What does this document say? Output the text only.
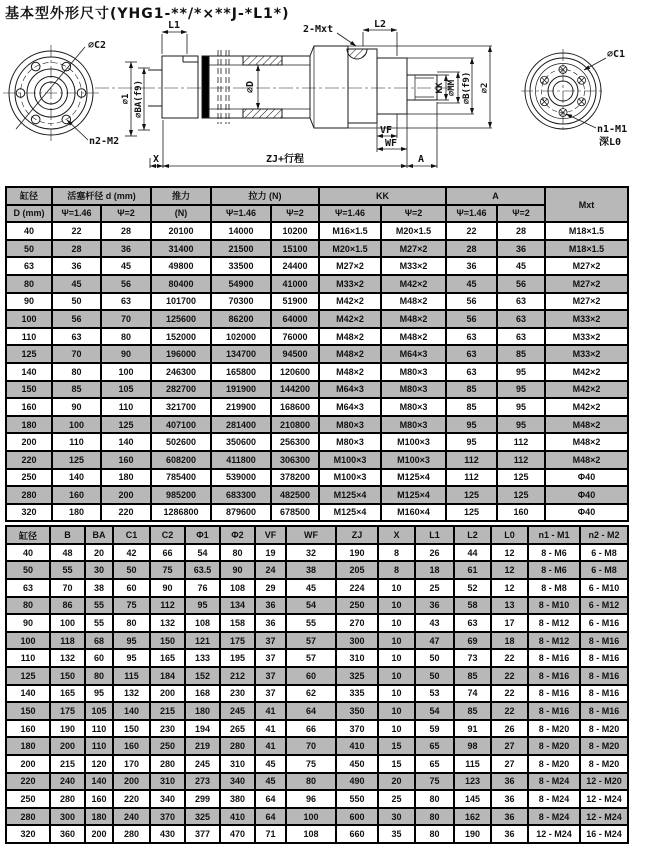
基本型外形尺寸(YHG1-**/*×**J-*L1*)
∅C2
n2-M2
L1	2-Mxt	L2
∅D
∅1 ∅BA(f9)	KK ∅MM ∅B(f9) ∅2
VF
WF
ZJ+行程
X	A
∅C1
n1-M1
深L0
缸径	活塞杆径 d (mm)		推力	拉力 (N)		KK		A		Mxt
D (mm)	Ψ=1.46	Ψ=2	(N)	Ψ=1.46	Ψ=2	Ψ=1.46	Ψ=2	Ψ=1.46	Ψ=2	
40	22	28	20100	14000	10200	M16×1.5	M20×1.5	22	28	M18×1.5
50	28	36	31400	21500	15100	M20×1.5	M27×2	28	36	M18×1.5
63	36	45	49800	33500	24400	M27×2	M33×2	36	45	M27×2
80	45	56	80400	54900	41000	M33×2	M42×2	45	56	M27×2
90	50	63	101700	70300	51900	M42×2	M48×2	56	63	M27×2
100	56	70	125600	86200	64000	M42×2	M48×2	56	63	M33×2
110	63	80	152000	102000	76000	M48×2	M48×2	63	63	M33×2
125	70	90	196000	134700	94500	M48×2	M64×3	63	85	M33×2
140	80	100	246300	165800	120600	M48×2	M80×3	63	95	M42×2
150	85	105	282700	191900	144200	M64×3	M80×3	85	95	M42×2
160	90	110	321700	219900	168600	M64×3	M80×3	85	95	M42×2
180	100	125	407100	281400	210800	M80×3	M80×3	95	95	M48×2
200	110	140	502600	350600	256300	M80×3	M100×3	95	112	M48×2
220	125	160	608200	411800	306300	M100×3	M100×3	112	112	M48×2
250	140	180	785400	539000	378200	M100×3	M125×4	112	125	Φ40
280	160	200	985200	683300	482500	M125×4	M125×4	125	125	Φ40
320	180	220	1286800	879600	678500	M125×4	M160×4	125	160	Φ40
缸径	B	BA	C1	C2	Φ1	Φ2	VF	WF	ZJ	X	L1	L2	L0	n1 - M1	n2 - M2
40	48	20	42	66	54	80	19	32	190	8	26	44	12	8 - M6	6 - M8
50	55	30	50	75	63.5	90	24	38	205	8	18	61	12	8 - M6	6 - M8
63	70	38	60	90	76	108	29	45	224	10	25	52	12	8 - M8	6 - M10
80	86	55	75	112	95	134	36	54	250	10	36	58	13	8 - M10	6 - M12
90	100	55	80	132	108	158	36	55	270	10	43	63	17	8 - M12	6 - M16
100	118	68	95	150	121	175	37	57	300	10	47	69	18	8 - M12	8 - M16
110	132	60	95	165	133	195	37	57	310	10	50	73	22	8 - M16	8 - M16
125	150	80	115	184	152	212	37	60	325	10	50	85	22	8 - M16	8 - M16
140	165	95	132	200	168	230	37	62	335	10	53	74	22	8 - M16	8 - M16
150	175	105	140	215	180	245	41	64	350	10	54	85	22	8 - M16	8 - M16
160	190	110	150	230	194	265	41	66	370	10	59	91	26	8 - M20	8 - M20
180	200	110	160	250	219	280	41	70	410	15	65	98	27	8 - M20	8 - M20
200	215	120	170	280	245	310	45	75	450	15	65	115	27	8 - M20	8 - M20
220	240	140	200	310	273	340	45	80	490	20	75	123	36	8 - M24	12 - M20
250	280	160	220	340	299	380	64	96	550	25	80	145	36	8 - M24	12 - M24
280	300	180	240	370	325	410	64	100	600	30	80	162	36	8 - M24	12 - M24
320	360	200	280	430	377	470	71	108	660	35	80	190	36	12 - M24	16 - M24
